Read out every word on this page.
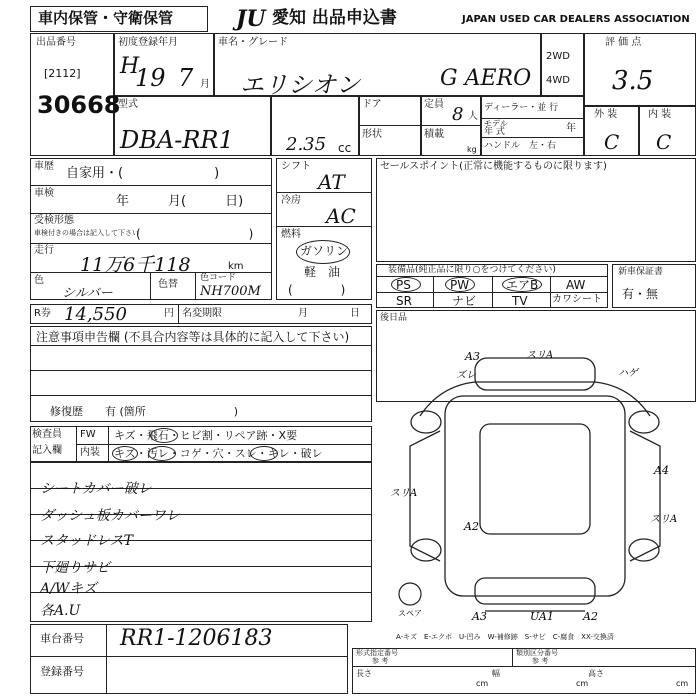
車内保管・守衛保管	JU 愛知 出品申込書	JAPAN USED CAR DEALERS ASSOCIATION
出品番号
[2112]
30668
初度登録年月
H
19 7 月
車名・グレード
エリシオン	G AERO
2WD
4WD
型式
DBA-RR1	2.35 cc
ドア
形状
定員 8 人
積載
kg
ディーラー・並 行
モデル
年 式	年
ハンドル　左・右
評 価 点
3.5
外 装	内 装
C C
車歴 自家用・(　　　　　　　)
車検
年　　　月(　　　日)
受検形態
車検付きの場合は記入して下さい
(　　　　　　　　　)
走行
11万6千118	km
色
シルバー
色替
色コード
NH700M
シフト
AT
冷房
AC
燃料
ガソリン
軽　油
(　　　　)
セールスポイント(正常に機能するものに限ります)
装備品(純正品に限り○をつけてください)
PS	PW	エアB AW
SR	ナビ	TV カワシート
新車保証書
有・無
R券 14,550	円 名変期限	月	日 後日品
注意事項申告欄 (不具合内容等は具体的に記入して下さい)
修復歴　　有 (箇所　　　　　　　　)
検査員
記入欄
FW キズ・飛石・ヒビ割・リペア跡・X要
内装 キズ・汚レ・コゲ・穴・スレ・キレ・破レ
シートカバー破レ
ダッシュ板カバーワレ
スタッドレスT
下廻りサビ
A/Wキズ
各A.U
A3	スリA
ズレ	ハゲ
A4
スリA
スリA
A2
A3	UA1	A2
スペア
A-キズ　E-エクボ　U-凹み　W-補修跡　S-サビ　C-腐食　XX-交換済
車台番号 RR1-1206183
登録番号
形式指定番号
参 考
類別区分番号
参 考
長さ
cm
幅
cm
高さ
cm
